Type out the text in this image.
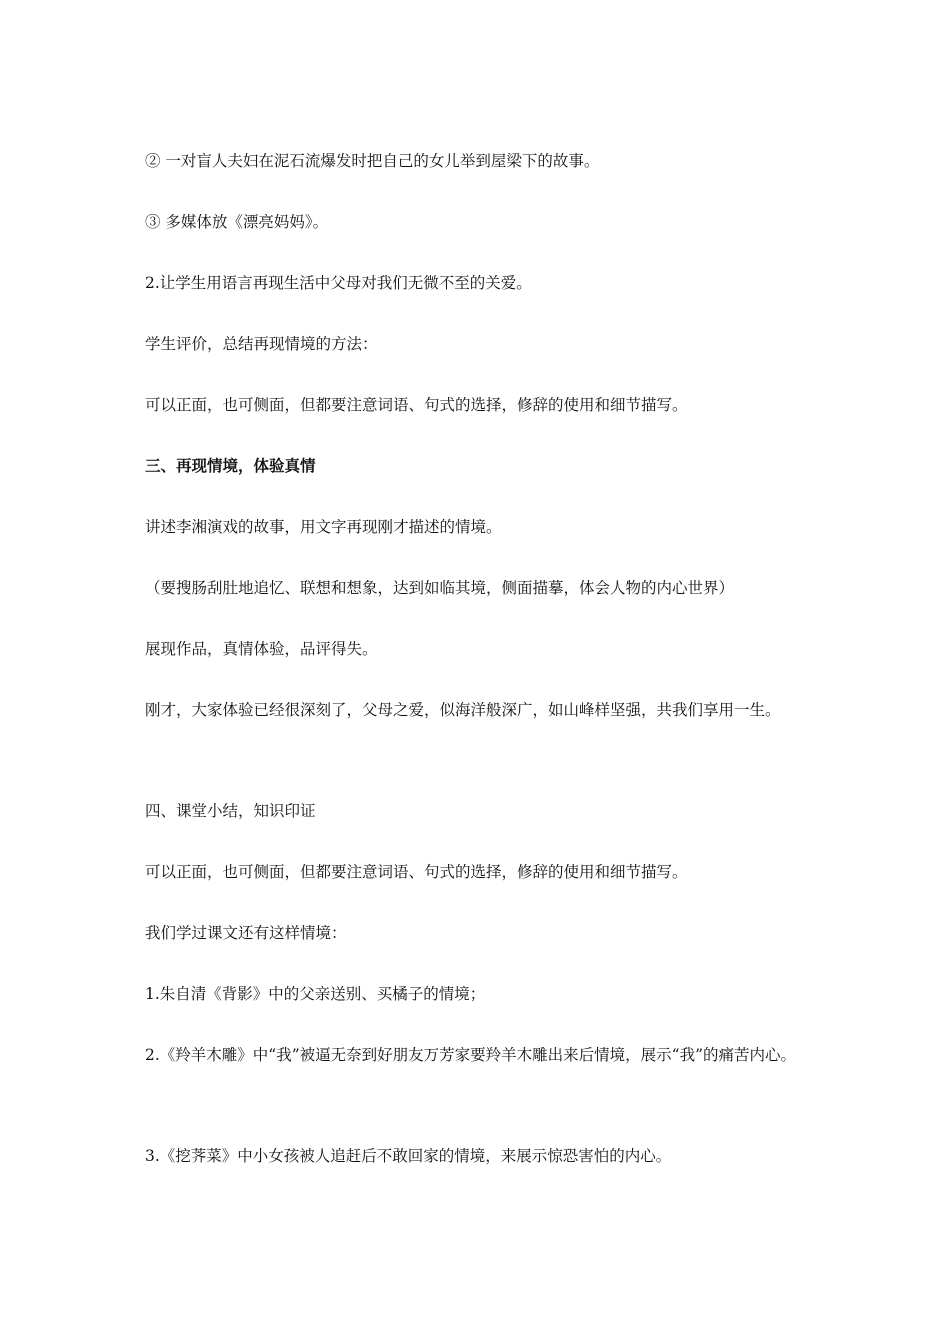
② 一对盲人夫妇在泥石流爆发时把自己的女儿举到屋梁下的故事。

③ 多媒体放《漂亮妈妈》。

2.让学生用语言再现生活中父母对我们无微不至的关爱。

学生评价，总结再现情境的方法：

可以正面，也可侧面，但都要注意词语、句式的选择，修辞的使用和细节描写。

三、再现情境，体验真情

讲述李湘演戏的故事，用文字再现刚才描述的情境。

（要搜肠刮肚地追忆、联想和想象，达到如临其境，侧面描摹，体会人物的内心世界）

展现作品，真情体验，品评得失。

刚才，大家体验已经很深刻了，父母之爱，似海洋般深广，如山峰样坚强，共我们享用一生。

四、课堂小结，知识印证

可以正面，也可侧面，但都要注意词语、句式的选择，修辞的使用和细节描写。

我们学过课文还有这样情境：

1.朱自清《背影》中的父亲送别、买橘子的情境；

2.《羚羊木雕》中“我”被逼无奈到好朋友万芳家要羚羊木雕出来后情境，展示“我”的痛苦内心。

3.《挖荠菜》中小女孩被人追赶后不敢回家的情境，来展示惊恐害怕的内心。
